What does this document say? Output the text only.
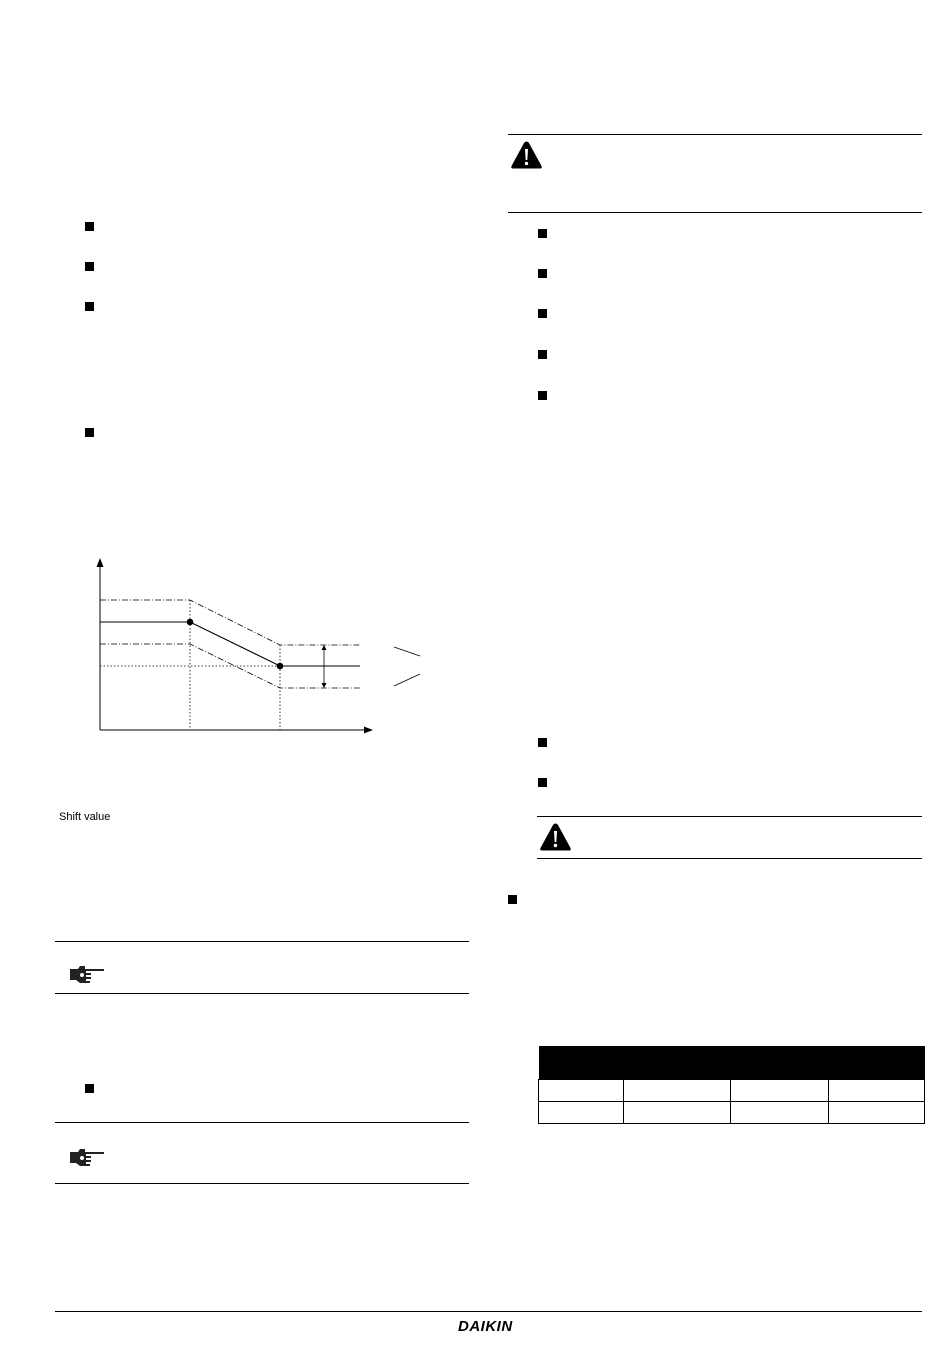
Shift value

DAIKIN
